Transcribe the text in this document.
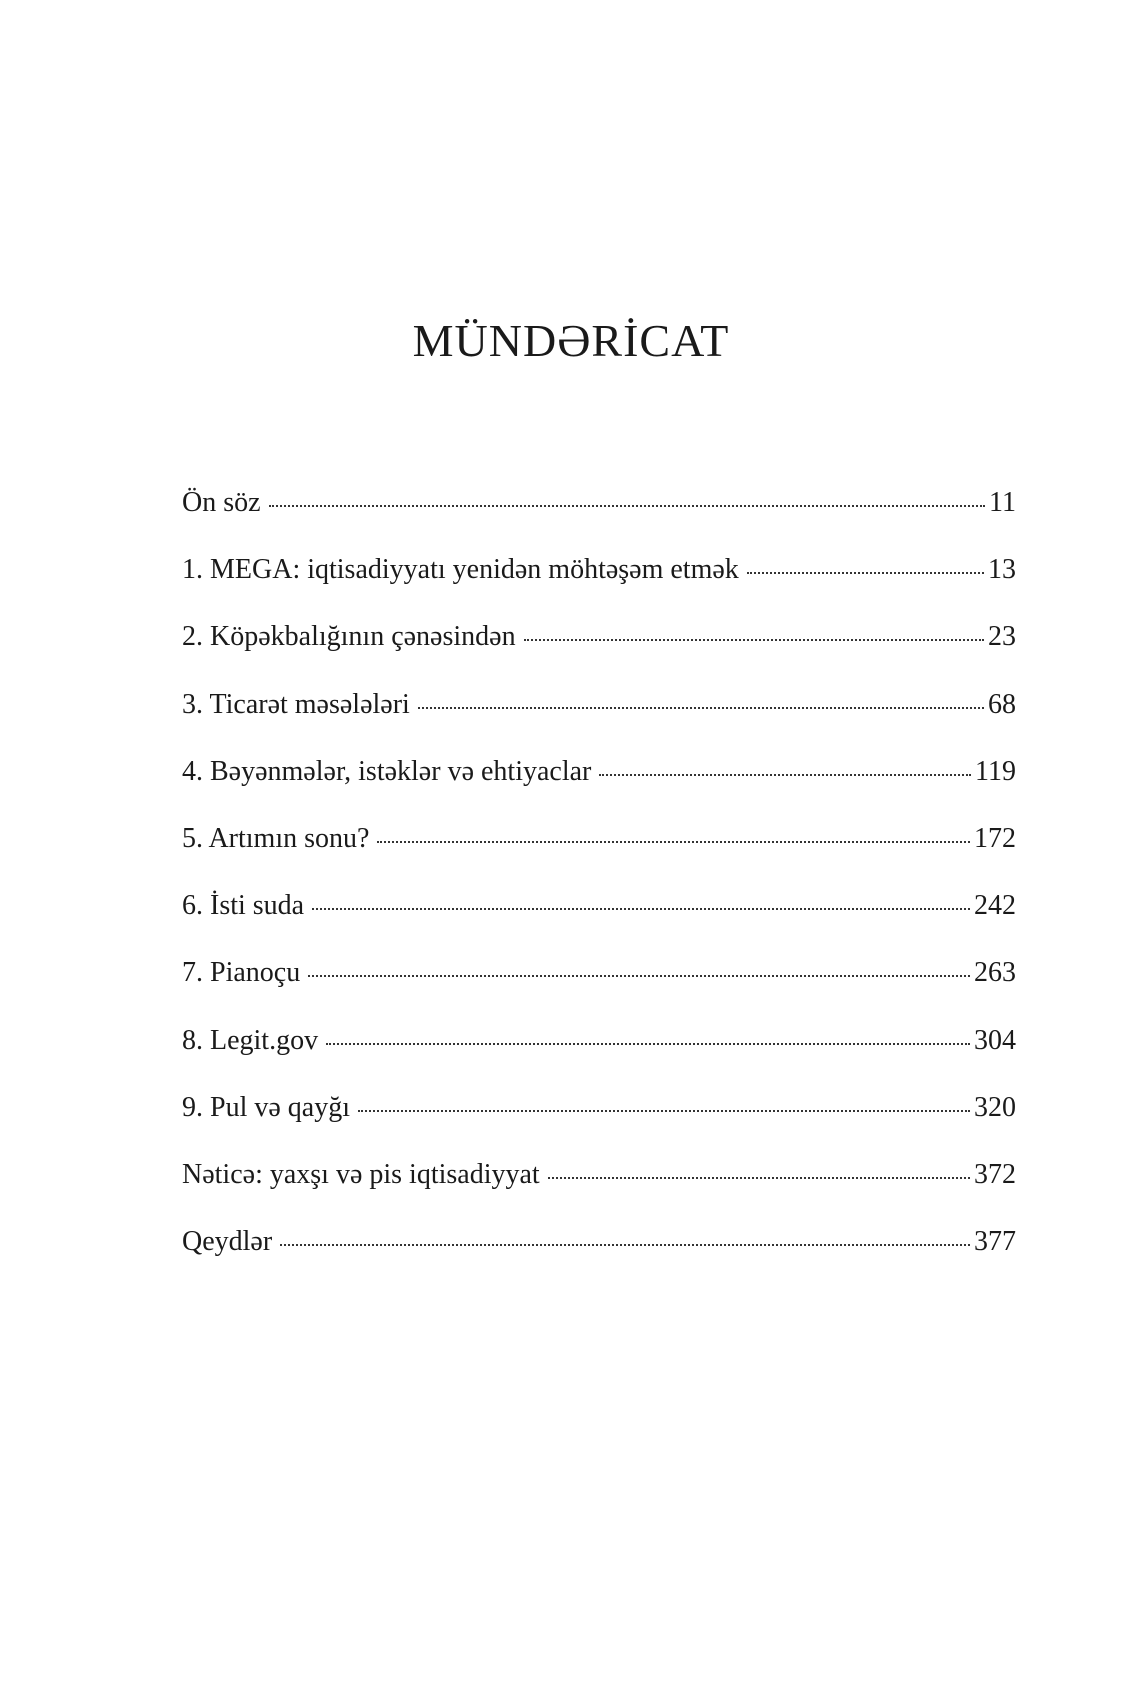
MÜNDƏRİCAT
Ön söz	11
1. MEGA: iqtisadiyyatı yenidən möhtəşəm etmək	13
2. Köpəkbalığının çənəsindən	23
3. Ticarət məsələləri	68
4. Bəyənmələr, istəklər və ehtiyaclar	119
5. Artımın sonu?	172
6. İsti suda	242
7. Pianoçu	263
8. Legit.gov	304
9. Pul və qayğı	320
Nəticə: yaxşı və pis iqtisadiyyat	372
Qeydlər	377
